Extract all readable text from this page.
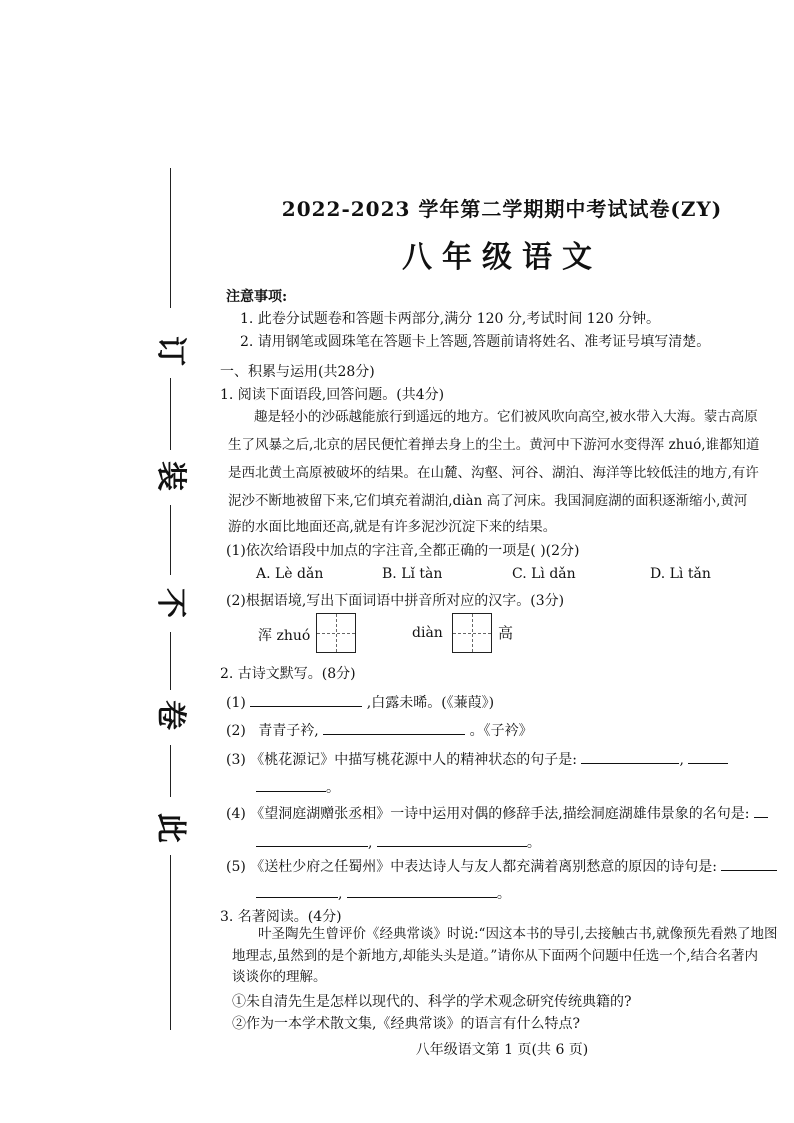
此
卷
不
装
订
2022-2023 学年第二学期期中考试试卷(ZY)
八年级语文
注意事项:
1. 此卷分试题卷和答题卡两部分,满分 120 分,考试时间 120 分钟。
2. 请用钢笔或圆珠笔在答题卡上答题,答题前请将姓名、准考证号填写清楚。
一、积累与运用(共28分)
1. 阅读下面语段,回答问题。(共4分)
趣是轻小的沙砾越能旅行到遥远的地方。它们被风吹向高空,被水带入大海。蒙古高原
生了风暴之后,北京的居民便忙着掸去身上的尘土。黄河中下游河水变得浑 zhuó,谁都知道
是西北黄土高原被破坏的结果。在山麓、沟壑、河谷、湖泊、海洋等比较低洼的地方,有许
泥沙不断地被留下来,它们填充着湖泊,diàn 高了河床。我国洞庭湖的面积逐渐缩小,黄河
游的水面比地面还高,就是有许多泥沙沉淀下来的结果。
(1)依次给语段中加点的字注音,全都正确的一项是( )(2分)
A. Lè dǎn	B. Lǐ tàn	C. Lì dǎn	D. Lì tǎn
(2)根据语境,写出下面词语中拼音所对应的汉字。(3分)
浑 zhuó	diàn	高
2. 古诗文默写。(8分)
(1)	,白露未晞。(《蒹葭》)
(2) 青青子衿,	。《子衿》
(3) 《桃花源记》中描写桃花源中人的精神状态的句子是:	,
。
(4) 《望洞庭湖赠张丞相》一诗中运用对偶的修辞手法,描绘洞庭湖雄伟景象的名句是:
,	。
(5) 《送杜少府之任蜀州》中表达诗人与友人都充满着离别愁意的原因的诗句是:
,	。
3. 名著阅读。(4分)
叶圣陶先生曾评价《经典常谈》时说:“因这本书的导引,去接触古书,就像预先看熟了地图
地理志,虽然到的是个新地方,却能头头是道。”请你从下面两个问题中任选一个,结合名著内
谈谈你的理解。
①朱自清先生是怎样以现代的、科学的学术观念研究传统典籍的?
②作为一本学术散文集,《经典常谈》的语言有什么特点?
八年级语文第 1 页(共 6 页)
